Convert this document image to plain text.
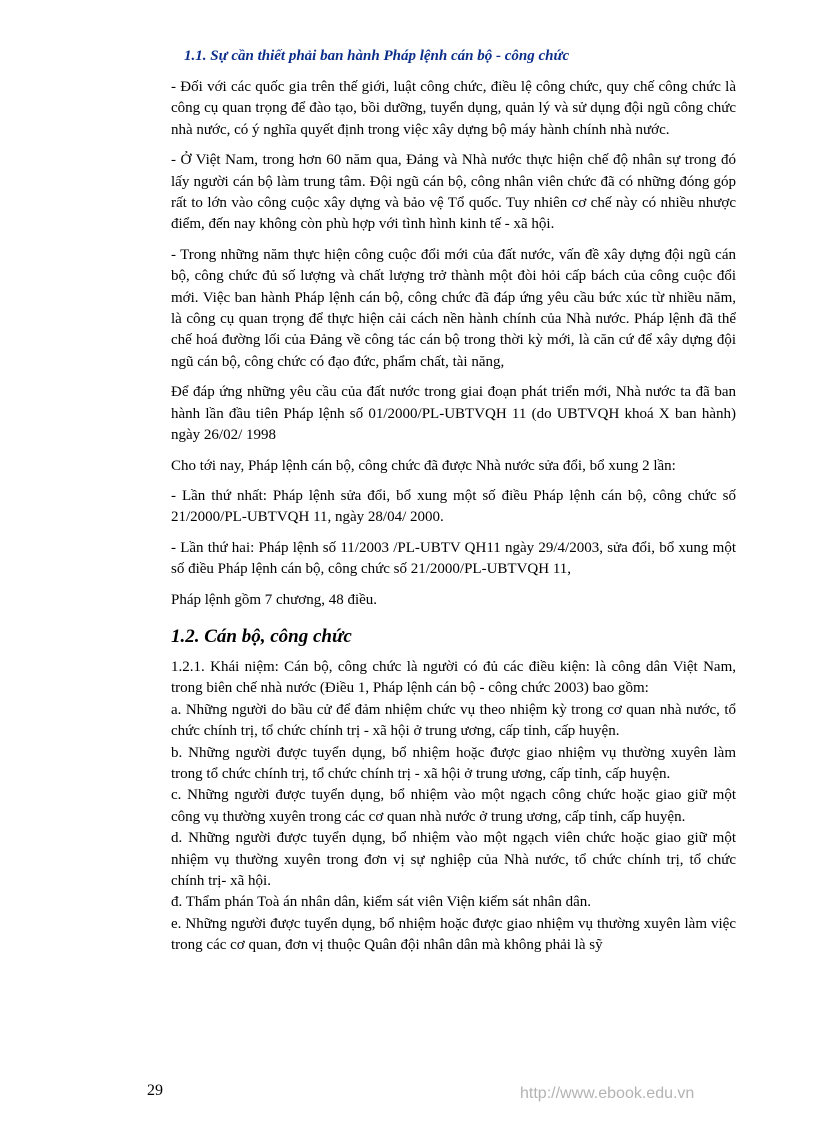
1.1. Sự cần thiết phải ban hành Pháp lệnh cán bộ - công chức

- Đối với các quốc gia trên thế giới, luật công chức, điều lệ công chức, quy chế công chức là công cụ quan trọng để đào tạo, bồi dưỡng, tuyển dụng, quản lý và sử dụng đội ngũ công chức nhà nước, có ý nghĩa quyết định trong việc xây dựng bộ máy hành chính nhà nước.

- Ở Việt Nam, trong hơn 60 năm qua, Đảng và Nhà nước thực hiện chế độ nhân sự trong đó lấy người cán bộ làm trung tâm. Đội ngũ cán bộ, công nhân viên chức đã có những đóng góp rất to lớn vào công cuộc xây dựng và bảo vệ Tổ quốc. Tuy nhiên cơ chế này có nhiều nhược điểm, đến nay không còn phù hợp với tình hình kinh tế - xã hội.

- Trong những năm thực hiện công cuộc đổi mới của đất nước, vấn đề xây dựng đội ngũ cán bộ, công chức đủ số lượng và chất lượng trở thành một đòi hỏi cấp bách của công cuộc đổi mới. Việc ban hành Pháp lệnh cán bộ, công chức đã đáp ứng yêu cầu bức xúc từ nhiều năm, là công cụ quan trọng để thực hiện cải cách nền hành chính của Nhà nước. Pháp lệnh đã thể chế hoá đường lối của Đảng về công tác cán bộ trong thời kỳ mới, là căn cứ để xây dựng đội ngũ cán bộ, công chức có đạo đức, phẩm chất, tài năng,

Để đáp ứng những yêu cầu của đất nước trong giai đoạn phát triển mới, Nhà nước ta đã ban hành lần đầu tiên Pháp lệnh số 01/2000/PL-UBTVQH 11 (do UBTVQH khoá X ban hành) ngày 26/02/ 1998

Cho tới nay, Pháp lệnh cán bộ, công chức đã được Nhà nước sửa đổi, bổ xung 2 lần:

- Lần thứ nhất: Pháp lệnh sửa đổi, bổ xung một số điều Pháp lệnh cán bộ, công chức số 21/2000/PL-UBTVQH 11, ngày 28/04/ 2000.

- Lần thứ hai: Pháp lệnh số 11/2003 /PL-UBTV QH11 ngày 29/4/2003, sửa đổi, bổ xung một số điều Pháp lệnh cán bộ, công chức số 21/2000/PL-UBTVQH 11,

Pháp lệnh gồm 7 chương, 48 điều.

1.2. Cán bộ, công chức

1.2.1. Khái niệm: Cán bộ, công chức là người có đủ các điều kiện: là công dân Việt Nam, trong biên chế nhà nước (Điều 1, Pháp lệnh cán bộ - công chức 2003) bao gồm:

a. Những người do bầu cử để đảm nhiệm chức vụ theo nhiệm kỳ trong cơ quan nhà nước, tổ chức chính trị, tổ chức chính trị - xã hội ở trung ương, cấp tỉnh, cấp huyện.

b. Những người được tuyển dụng, bổ nhiệm hoặc được giao nhiệm vụ thường xuyên làm trong tổ chức chính trị, tổ chức chính trị - xã hội ở trung ương, cấp tỉnh, cấp huyện.

c. Những người được tuyển dụng, bổ nhiệm vào một ngạch công chức hoặc giao giữ một công vụ thường xuyên trong các cơ quan nhà nước ở trung ương, cấp tỉnh, cấp huyện.

d. Những người được tuyển dụng, bổ nhiệm vào một ngạch viên chức hoặc giao giữ một nhiệm vụ thường xuyên trong đơn vị sự nghiệp của Nhà nước, tổ chức chính trị, tổ chức chính trị- xã hội.

đ. Thẩm phán Toà án nhân dân, kiểm sát viên Viện kiểm sát nhân dân.

e. Những người được tuyển dụng, bổ nhiệm hoặc được giao nhiệm vụ thường xuyên làm việc trong các cơ quan, đơn vị thuộc Quân đội nhân dân mà không phải là sỹ

29	http://www.ebook.edu.vn
